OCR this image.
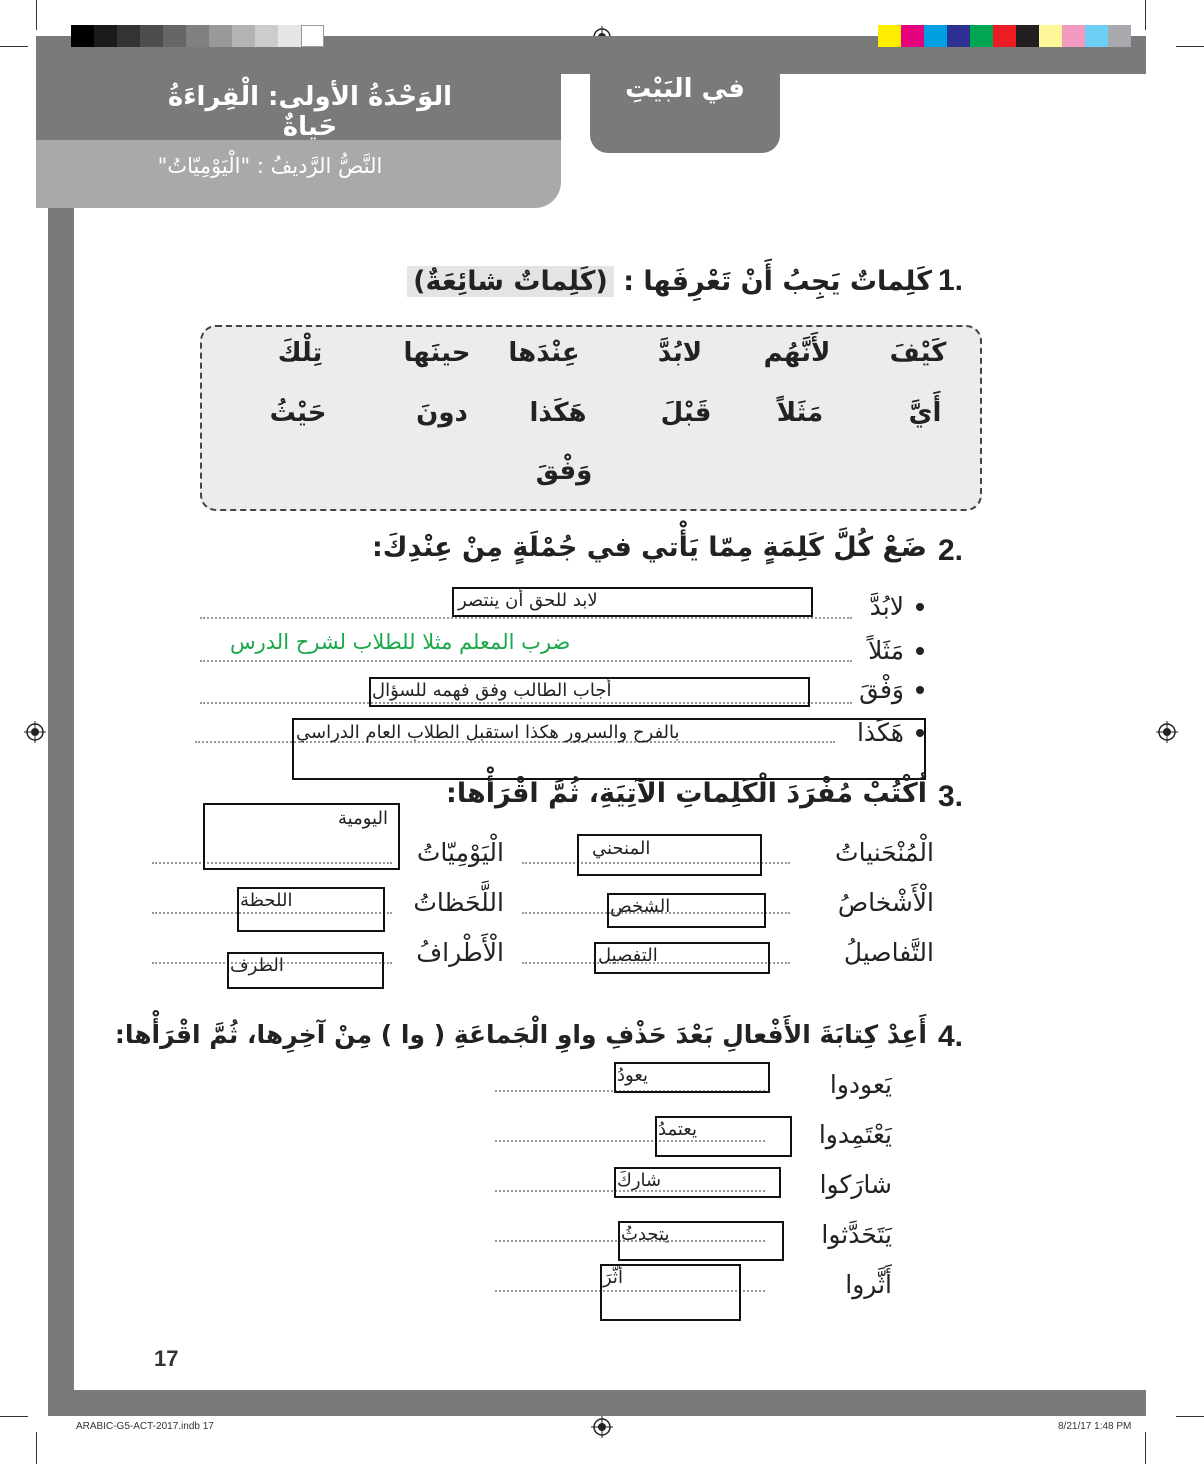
الوَحْدَةُ الأولى: الْقِراءَةُ حَياةٌ
النَّصُّ الرَّديفُ : "الْيَوْمِيّاتُ"
في البَيْتِ
1.
كَلِماتٌ يَجِبُ أَنْ تَعْرِفَها : (كَلِماتٌ شائِعَةٌ)
كَيْفَ
لأَنَّهُم
لابُدَّ
عِنْدَها
حينَها
تِلْكَ
أَيَّ
مَثَلاً
قَبْلَ
هَكَذا
دونَ
حَيْثُ
وَفْقَ
2.
ضَعْ كُلَّ كَلِمَةٍ مِمّا يَأْتي في جُمْلَةٍ مِنْ عِنْدِكَ:
لابُدَّ
لابد للحق أن ينتصر
مَثَلاً
ضرب المعلم مثلا للطلاب لشرح الدرس
وَفْقَ
أجاب الطالب وفق فهمه للسؤال
هَكَذا
بالفرح والسرور هكذا استقبل الطلاب العام الدراسي
3.
اُكْتُبْ مُفْرَدَ الْكَلِماتِ الآتِيَةِ، ثُمَّ اقْرَأْها:
الْمُنْحَنياتُ
المنحني
الْيَوْمِيّاتُ
اليومية
الْأَشْخاصُ
الشخص
اللَّحَظاتُ
اللحظة
التَّفاصيلُ
التفصيل
الْأَطْرافُ
الطرف
4.
أَعِدْ كِتابَةَ الأَفْعالِ بَعْدَ حَذْفِ واوِ الْجَماعَةِ ( وا ) مِنْ آخِرِها، ثُمَّ اقْرَأْها:
يَعودوا
يعودُ
يَعْتَمِدوا
يعتمدُ
شارَكوا
شاركَ
يَتَحَدَّثوا
يتحدثُ
أَثَّروا
أثّرَ
17
ARABIC-G5-ACT-2017.indb 17	8/21/17 1:48 PM
